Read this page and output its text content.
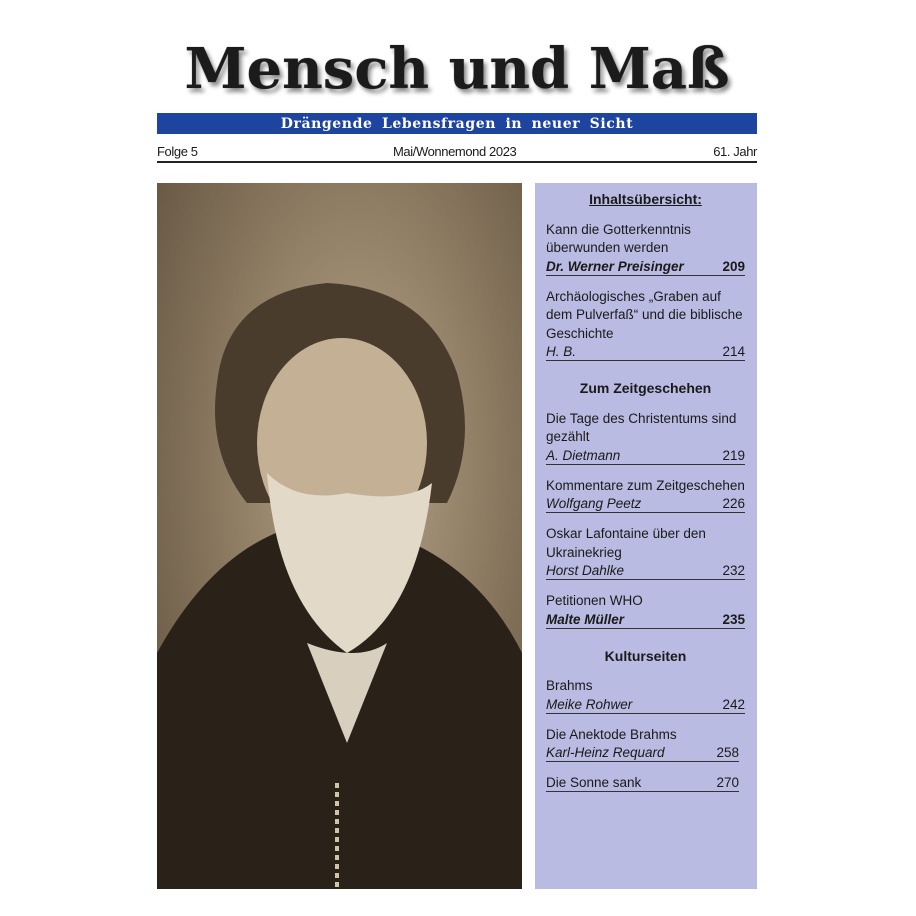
Mensch und Maß
Drängende Lebensfragen in neuer Sicht
Folge 5	Mai/Wonnemond 2023	61. Jahr
Inhaltsübersicht:
Kann die Gotterkenntnis überwunden werden
Dr. Werner Preisinger	209
Archäologisches „Graben auf dem Pulverfaß“ und die biblische Geschichte
H. B.	214
Zum Zeitgeschehen
Die Tage des Christentums sind gezählt
A. Dietmann	219
Kommentare zum Zeitgeschehen
Wolfgang Peetz	226
Oskar Lafontaine über den Ukrainekrieg
Horst Dahlke	232
Petitionen WHO
Malte Müller	235
Kulturseiten
Brahms
Meike Rohwer	242
Die Anektode Brahms
Karl-Heinz Requard	258
Die Sonne sank	270
